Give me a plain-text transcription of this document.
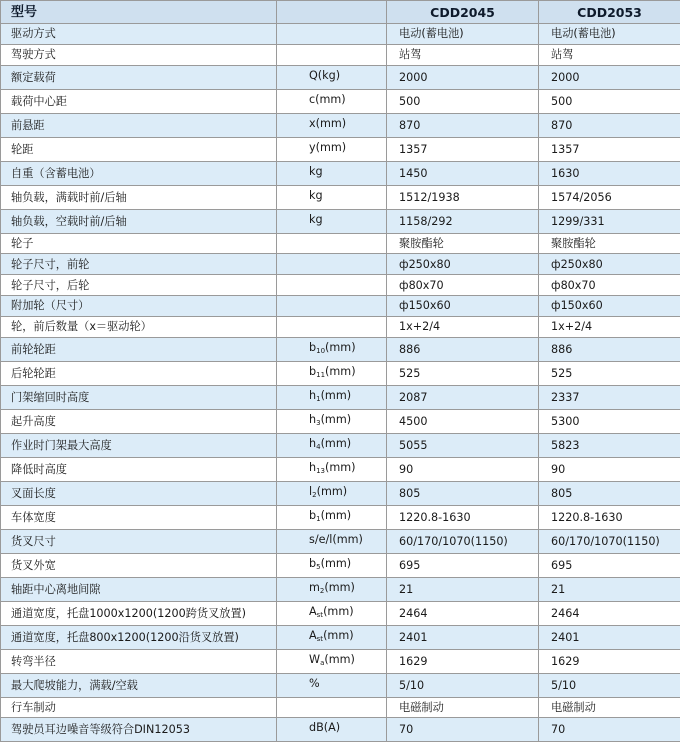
型号		CDD2045	CDD2053
驱动方式		电动(蓄电池)	电动(蓄电池)
驾驶方式		站驾	站驾
额定载荷	Q(kg)	2000	2000
载荷中心距	c(mm)	500	500
前悬距	x(mm)	870	870
轮距	y(mm)	1357	1357
自重（含蓄电池）	kg	1450	1630
轴负载，满载时前/后轴	kg	1512/1938	1574/2056
轴负载，空载时前/后轴	kg	1158/292	1299/331
轮子		聚胺酯轮	聚胺酯轮
轮子尺寸，前轮		ф250x80	ф250x80
轮子尺寸，后轮		ф80x70	ф80x70
附加轮（尺寸）		ф150x60	ф150x60
轮，前后数量（x＝驱动轮）		1x+2/4	1x+2/4
前轮轮距	$b_{10}(mm)$	886	886
后轮轮距	$b_{11}(mm)$	525	525
门架缩回时高度	$h_1(mm)$	2087	2337
起升高度	$h_3(mm)$	4500	5300
作业时门架最大高度	$h_4(mm)$	5055	5823
降低时高度	$h_{13}(mm)$	90	90
叉面长度	$l_2(mm)$	805	805
车体宽度	$b_1(mm)$	1220.8-1630	1220.8-1630
货叉尺寸	s/e/l(mm)	60/170/1070(1150)	60/170/1070(1150)
货叉外宽	$b_5(mm)$	695	695
轴距中心离地间隙	$m_2(mm)$	21	21
通道宽度，托盘1000x1200(1200跨货叉放置)	$A_{st}(mm)$	2464	2464
通道宽度，托盘800x1200(1200沿货叉放置)	$A_{st}(mm)$	2401	2401
转弯半径	$W_a(mm)$	1629	1629
最大爬坡能力，满载/空载	%	5/10	5/10
行车制动		电磁制动	电磁制动
驾驶员耳边噪音等级符合DIN12053	dB(A)	70	70
